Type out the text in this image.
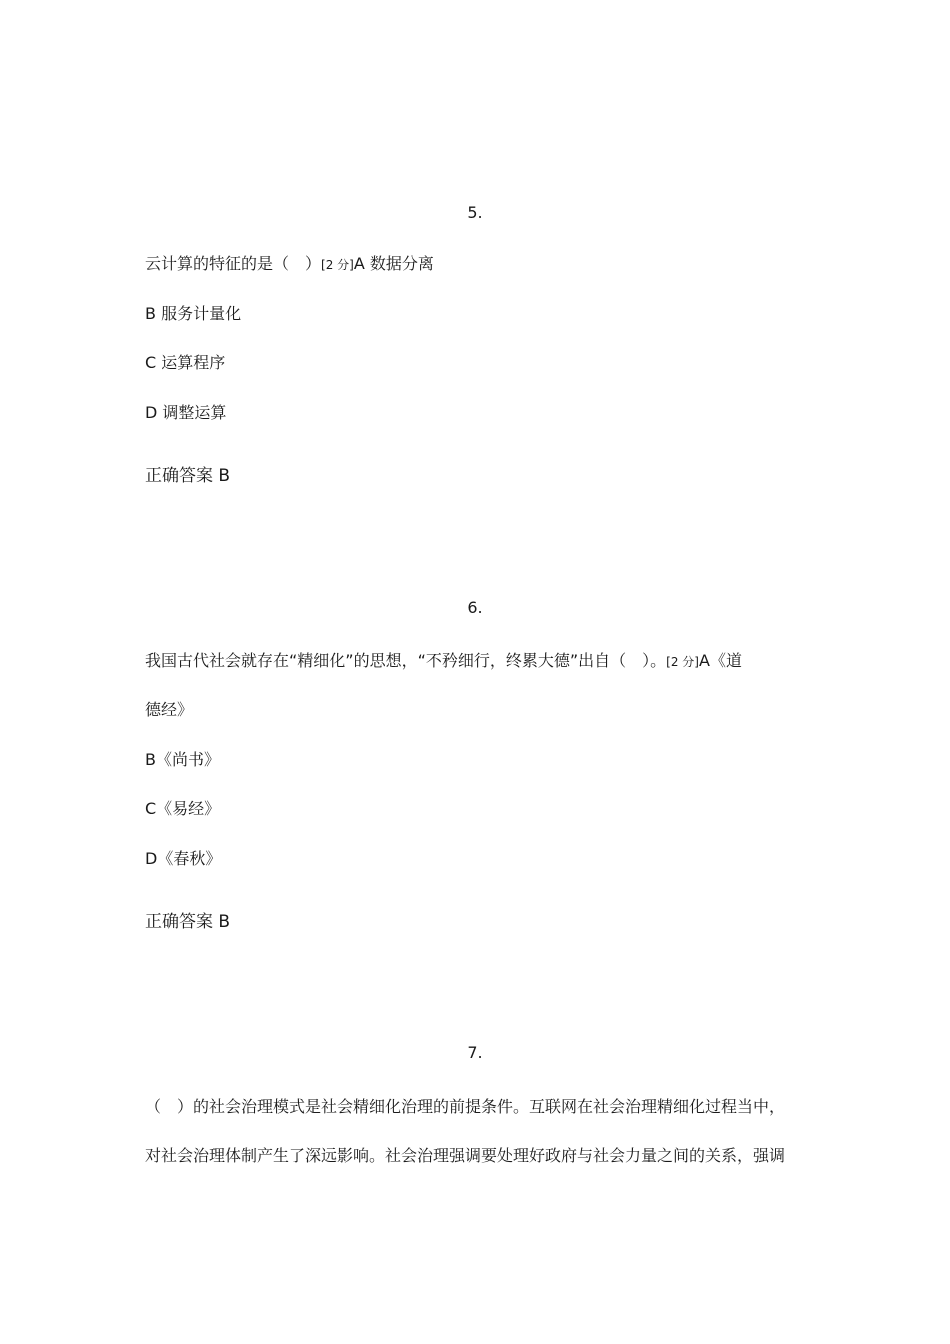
5.
云计算的特征的是（　）[2 分]A 数据分离
B 服务计量化
C 运算程序
D 调整运算
正确答案 B
6.
我国古代社会就存在“精细化”的思想，“不矜细行，终累大德”出自（　）。[2 分]A《道
德经》
B《尚书》
C《易经》
D《春秋》
正确答案 B
7.
（　）的社会治理模式是社会精细化治理的前提条件。互联网在社会治理精细化过程当中，
对社会治理体制产生了深远影响。社会治理强调要处理好政府与社会力量之间的关系，强调
